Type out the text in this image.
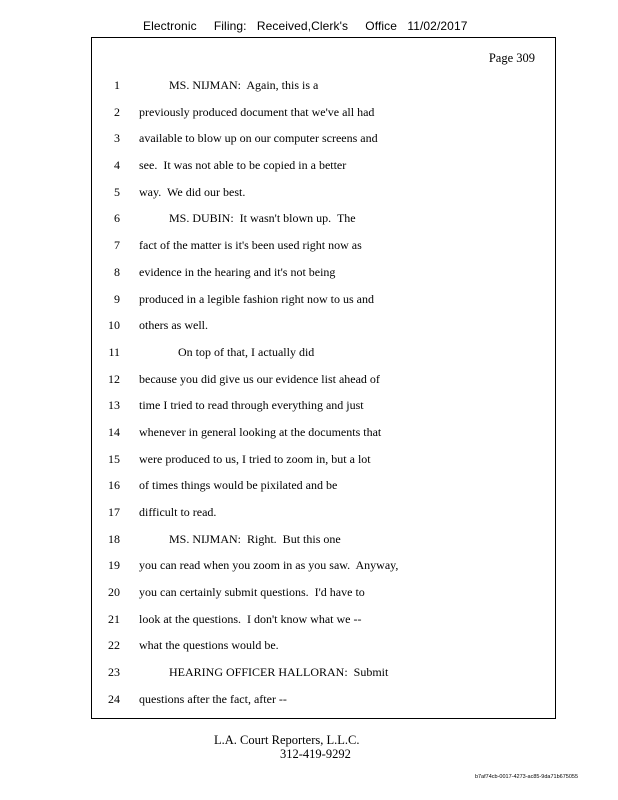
Electronic     Filing:   Received,Clerk's     Office   11/02/2017
Page 309
1 MS. NIJMAN:  Again, this is a
2 previously produced document that we've all had
3 available to blow up on our computer screens and
4 see.  It was not able to be copied in a better
5 way.  We did our best.
6 MS. DUBIN:  It wasn't blown up.  The
7 fact of the matter is it's been used right now as
8 evidence in the hearing and it's not being
9 produced in a legible fashion right now to us and
10 others as well.
11 On top of that, I actually did
12 because you did give us our evidence list ahead of
13 time I tried to read through everything and just
14 whenever in general looking at the documents that
15 were produced to us, I tried to zoom in, but a lot
16 of times things would be pixilated and be
17 difficult to read.
18 MS. NIJMAN:  Right.  But this one
19 you can read when you zoom in as you saw.  Anyway,
20 you can certainly submit questions.  I'd have to
21 look at the questions.  I don't know what we --
22 what the questions would be.
23 HEARING OFFICER HALLORAN:  Submit
24 questions after the fact, after --
L.A. Court Reporters, L.L.C.
312-419-9292
b7af74cb-0017-4273-ac85-9da71b675055
